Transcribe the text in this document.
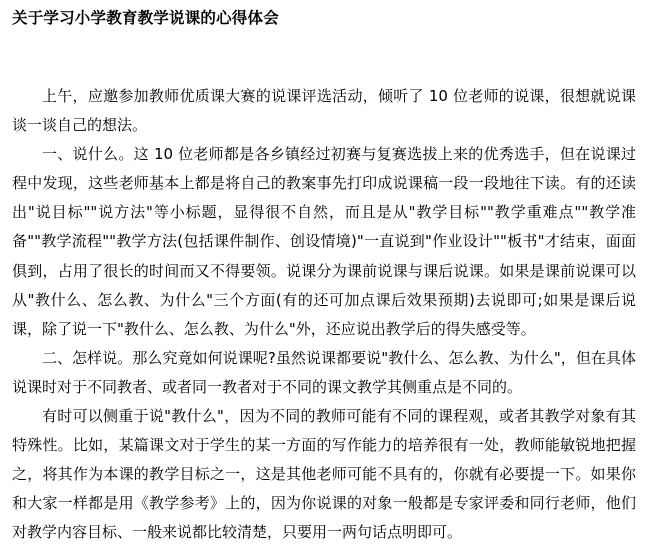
关于学习小学教育教学说课的心得体会

上午，应邀参加教师优质课大赛的说课评选活动，倾听了 10 位老师的说课，很想就说课谈一谈自己的想法。

一、说什么。这 10 位老师都是各乡镇经过初赛与复赛选拔上来的优秀选手，但在说课过程中发现，这些老师基本上都是将自己的教案事先打印成说课稿一段一段地往下读。有的还读出"说目标""说方法"等小标题，显得很不自然，而且是从"教学目标""教学重难点""教学准备""教学流程""教学方法(包括课件制作、创设情境)"一直说到"作业设计""板书"才结束，面面俱到，占用了很长的时间而又不得要领。说课分为课前说课与课后说课。如果是课前说课可以从"教什么、怎么教、为什么"三个方面(有的还可加点课后效果预期)去说即可;如果是课后说课，除了说一下"教什么、怎么教、为什么"外，还应说出教学后的得失感受等。

二、怎样说。那么究竟如何说课呢?虽然说课都要说"教什么、怎么教、为什么"，但在具体说课时对于不同教者、或者同一教者对于不同的课文教学其侧重点是不同的。

有时可以侧重于说"教什么"，因为不同的教师可能有不同的课程观，或者其教学对象有其特殊性。比如，某篇课文对于学生的某一方面的写作能力的培养很有一处，教师能敏锐地把握之，将其作为本课的教学目标之一，这是其他老师可能不具有的，你就有必要提一下。如果你和大家一样都是用《教学参考》上的，因为你说课的对象一般都是专家评委和同行老师，他们对教学内容目标、一般来说都比较清楚，只要用一两句话点明即可。
